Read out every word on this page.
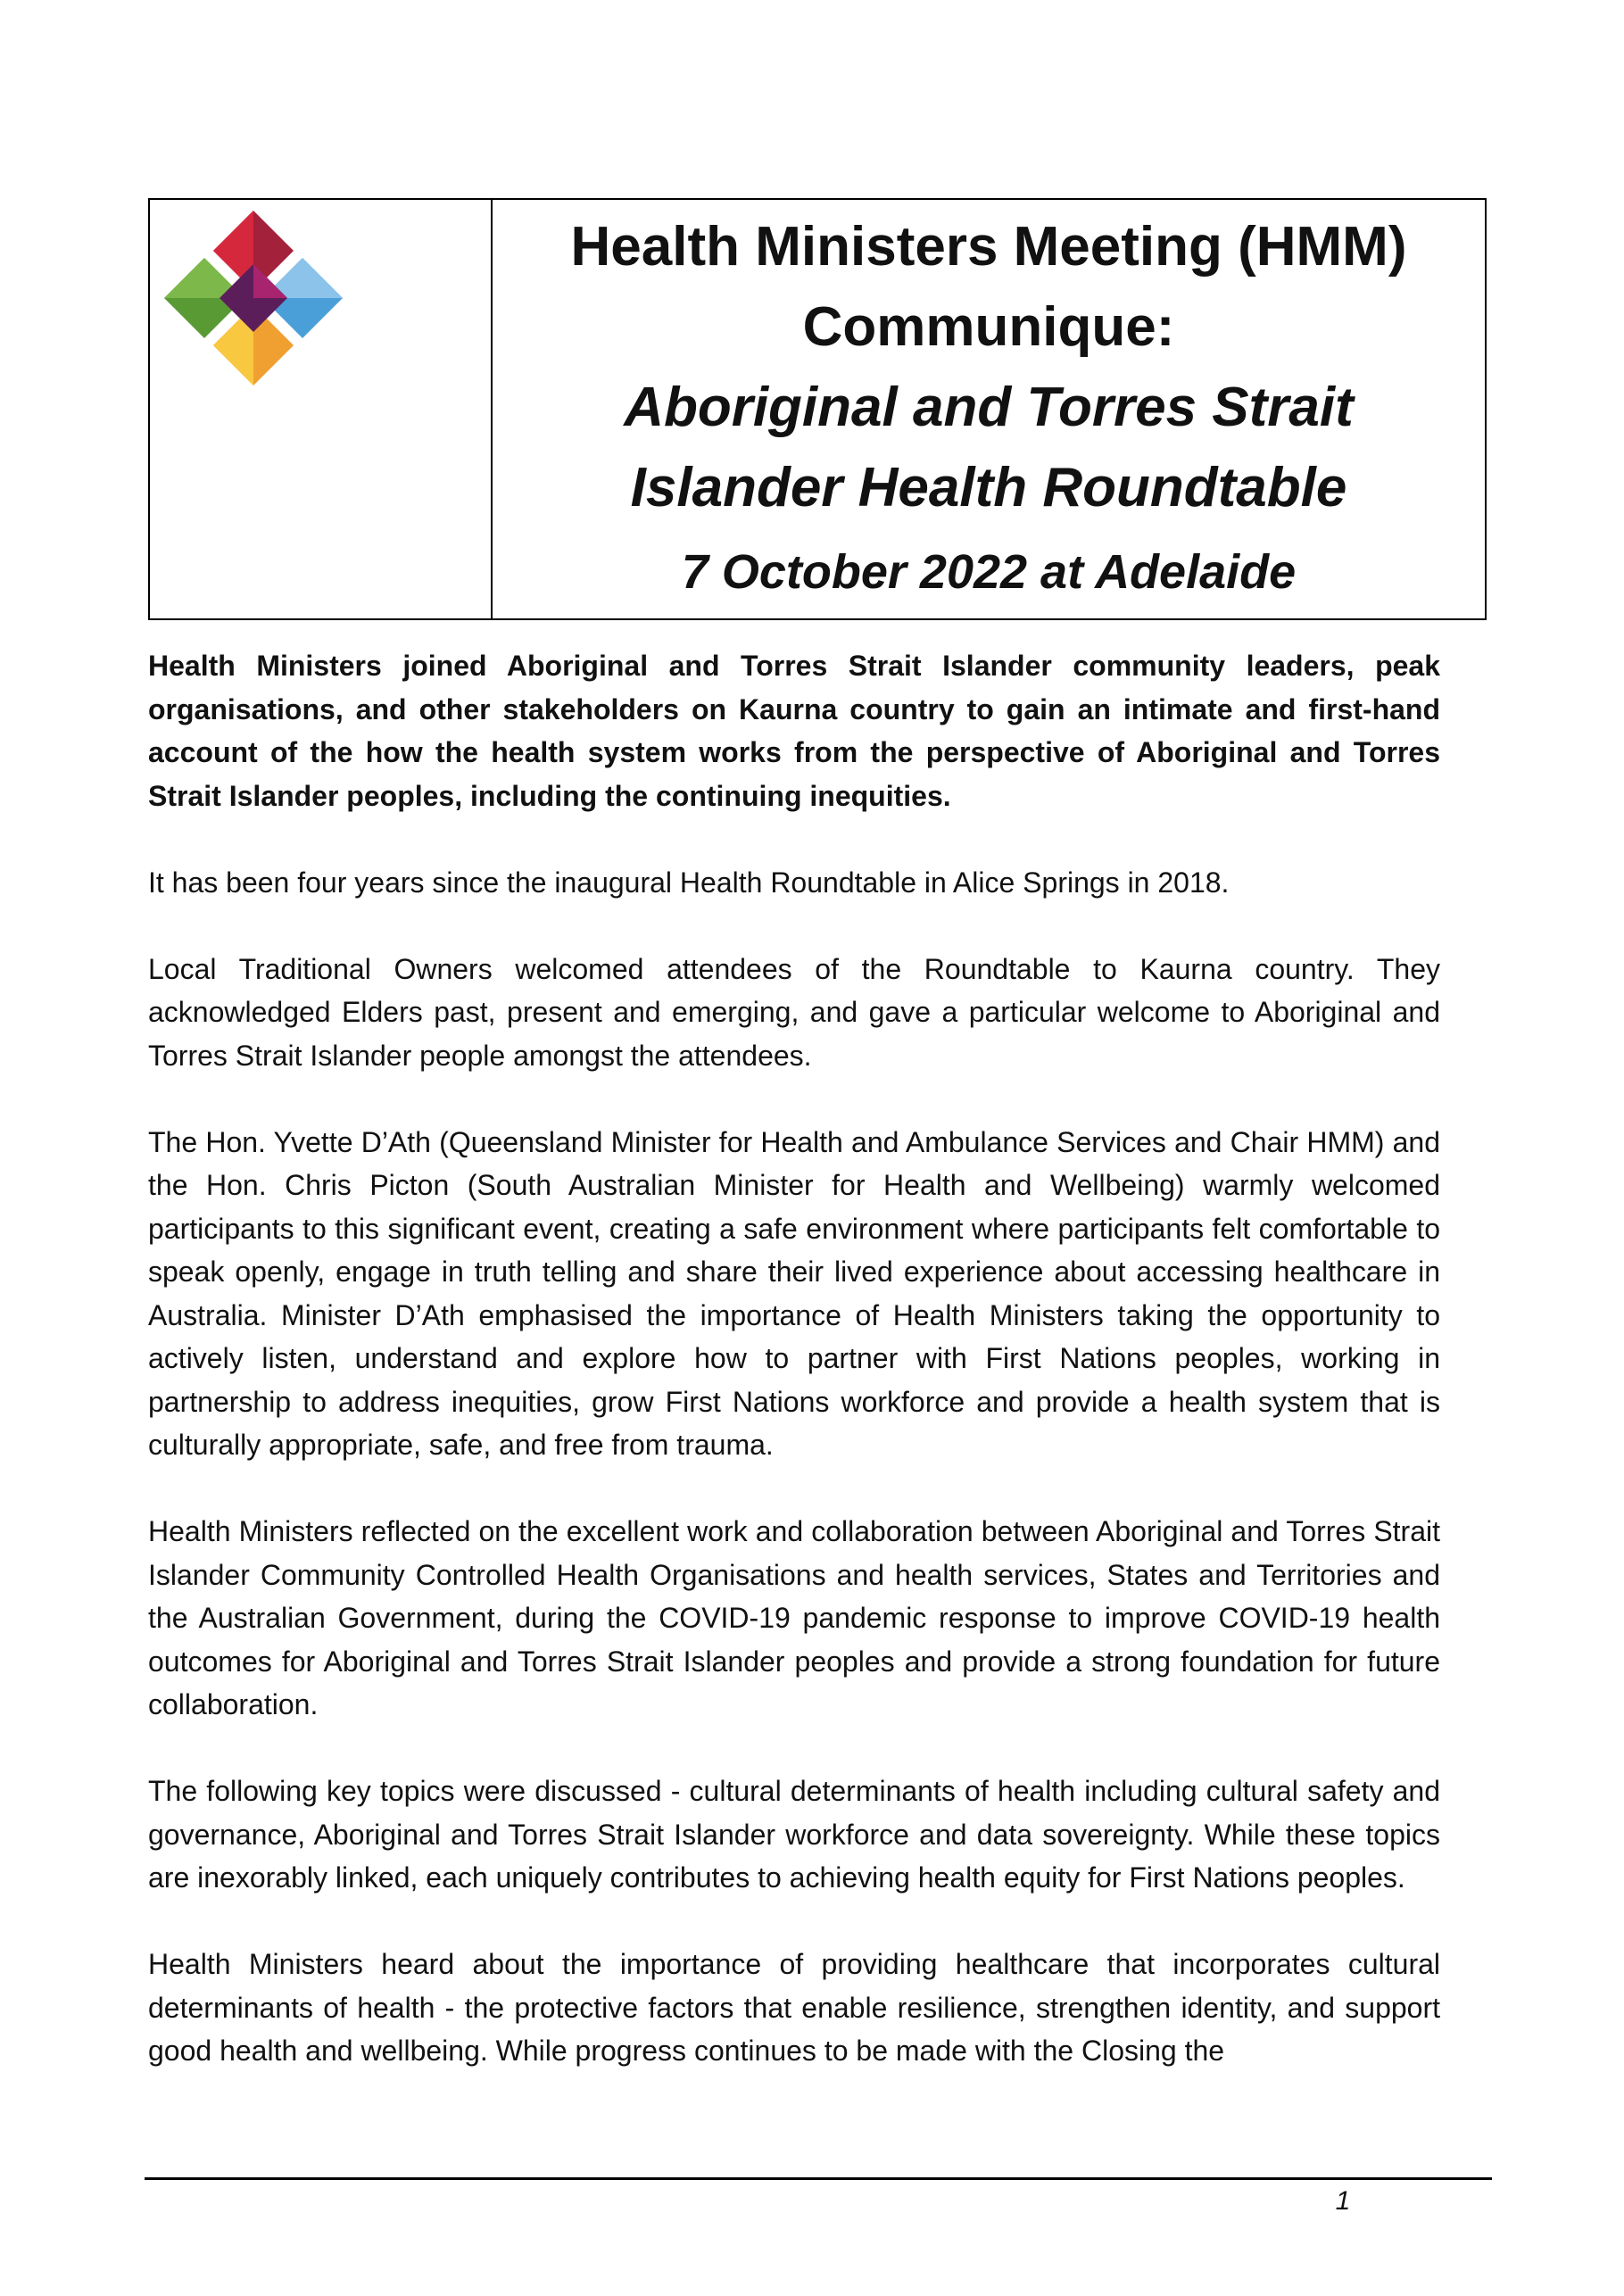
Health Ministers Meeting (HMM)
Communique:
Aboriginal and Torres Strait
Islander Health Roundtable
7 October 2022 at Adelaide

Health Ministers joined Aboriginal and Torres Strait Islander community leaders, peak organisations, and other stakeholders on Kaurna country to gain an intimate and first-hand account of the how the health system works from the perspective of Aboriginal and Torres Strait Islander peoples, including the continuing inequities.

It has been four years since the inaugural Health Roundtable in Alice Springs in 2018.

Local Traditional Owners welcomed attendees of the Roundtable to Kaurna country. They acknowledged Elders past, present and emerging, and gave a particular welcome to Aboriginal and Torres Strait Islander people amongst the attendees.

The Hon. Yvette D’Ath (Queensland Minister for Health and Ambulance Services and Chair HMM) and the Hon. Chris Picton (South Australian Minister for Health and Wellbeing) warmly welcomed participants to this significant event, creating a safe environment where participants felt comfortable to speak openly, engage in truth telling and share their lived experience about accessing healthcare in Australia. Minister D’Ath emphasised the importance of Health Ministers taking the opportunity to actively listen, understand and explore how to partner with First Nations peoples, working in partnership to address inequities, grow First Nations workforce and provide a health system that is culturally appropriate, safe, and free from trauma.

Health Ministers reflected on the excellent work and collaboration between Aboriginal and Torres Strait Islander Community Controlled Health Organisations and health services, States and Territories and the Australian Government, during the COVID-19 pandemic response to improve COVID-19 health outcomes for Aboriginal and Torres Strait Islander peoples and provide a strong foundation for future collaboration.

The following key topics were discussed - cultural determinants of health including cultural safety and governance, Aboriginal and Torres Strait Islander workforce and data sovereignty. While these topics are inexorably linked, each uniquely contributes to achieving health equity for First Nations peoples.

Health Ministers heard about the importance of providing healthcare that incorporates cultural determinants of health - the protective factors that enable resilience, strengthen identity, and support good health and wellbeing. While progress continues to be made with the Closing the

1
